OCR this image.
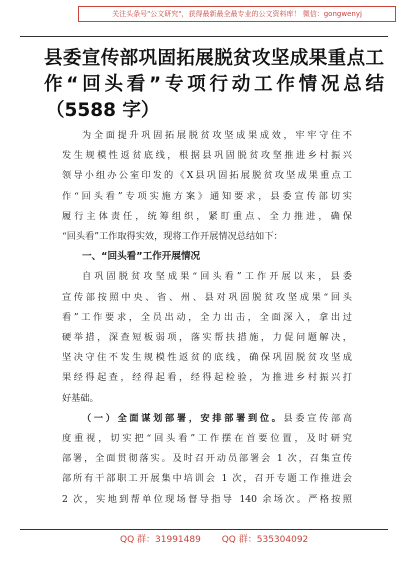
关注头条号"公文研究"，获得最新最全最专业的公文资料库！ 微信：gongwenyj
县委宣传部巩固拓展脱贫攻坚成果重点工
作“回头看”专项行动工作情况总结
（5588 字）
为全面提升巩固拓展脱贫攻坚成果成效，牢牢守住不
发生规模性返贫底线，根据县巩固脱贫攻坚推进乡村振兴
领导小组办公室印发的《X县巩固拓展脱贫攻坚成果重点工
作“回头看”专项实施方案》通知要求，县委宣传部切实
履行主体责任，统筹组织，紧盯重点、全力推进，确保
“回头看”工作取得实效，现将工作开展情况总结如下：
一、“回头看”工作开展情况
自巩固脱贫攻坚成果“回头看”工作开展以来，县委
宣传部按照中央、省、州、县对巩固脱贫攻坚成果“回头
看”工作要求，全员出动，全力出击，全面深入，拿出过
硬举措，深查短板弱项，落实帮扶措施，力促问题解决，
坚决守住不发生规模性返贫的底线，确保巩固脱贫攻坚成
果经得起查，经得起看，经得起检验，为推进乡村振兴打
好基础。
（一）全面谋划部署，安排部署到位。县委宣传部高
度重视，切实把“回头看”工作摆在首要位置，及时研究
部署，全面贯彻落实。及时召开动员部署会 1 次，召集宣传
部所有干部职工开展集中培训会 1 次，召开专题工作推进会
2 次，实地到帮单位现场督导指导 140 余场次。严格按照
QQ 群：31991489 QQ 群：535304092
